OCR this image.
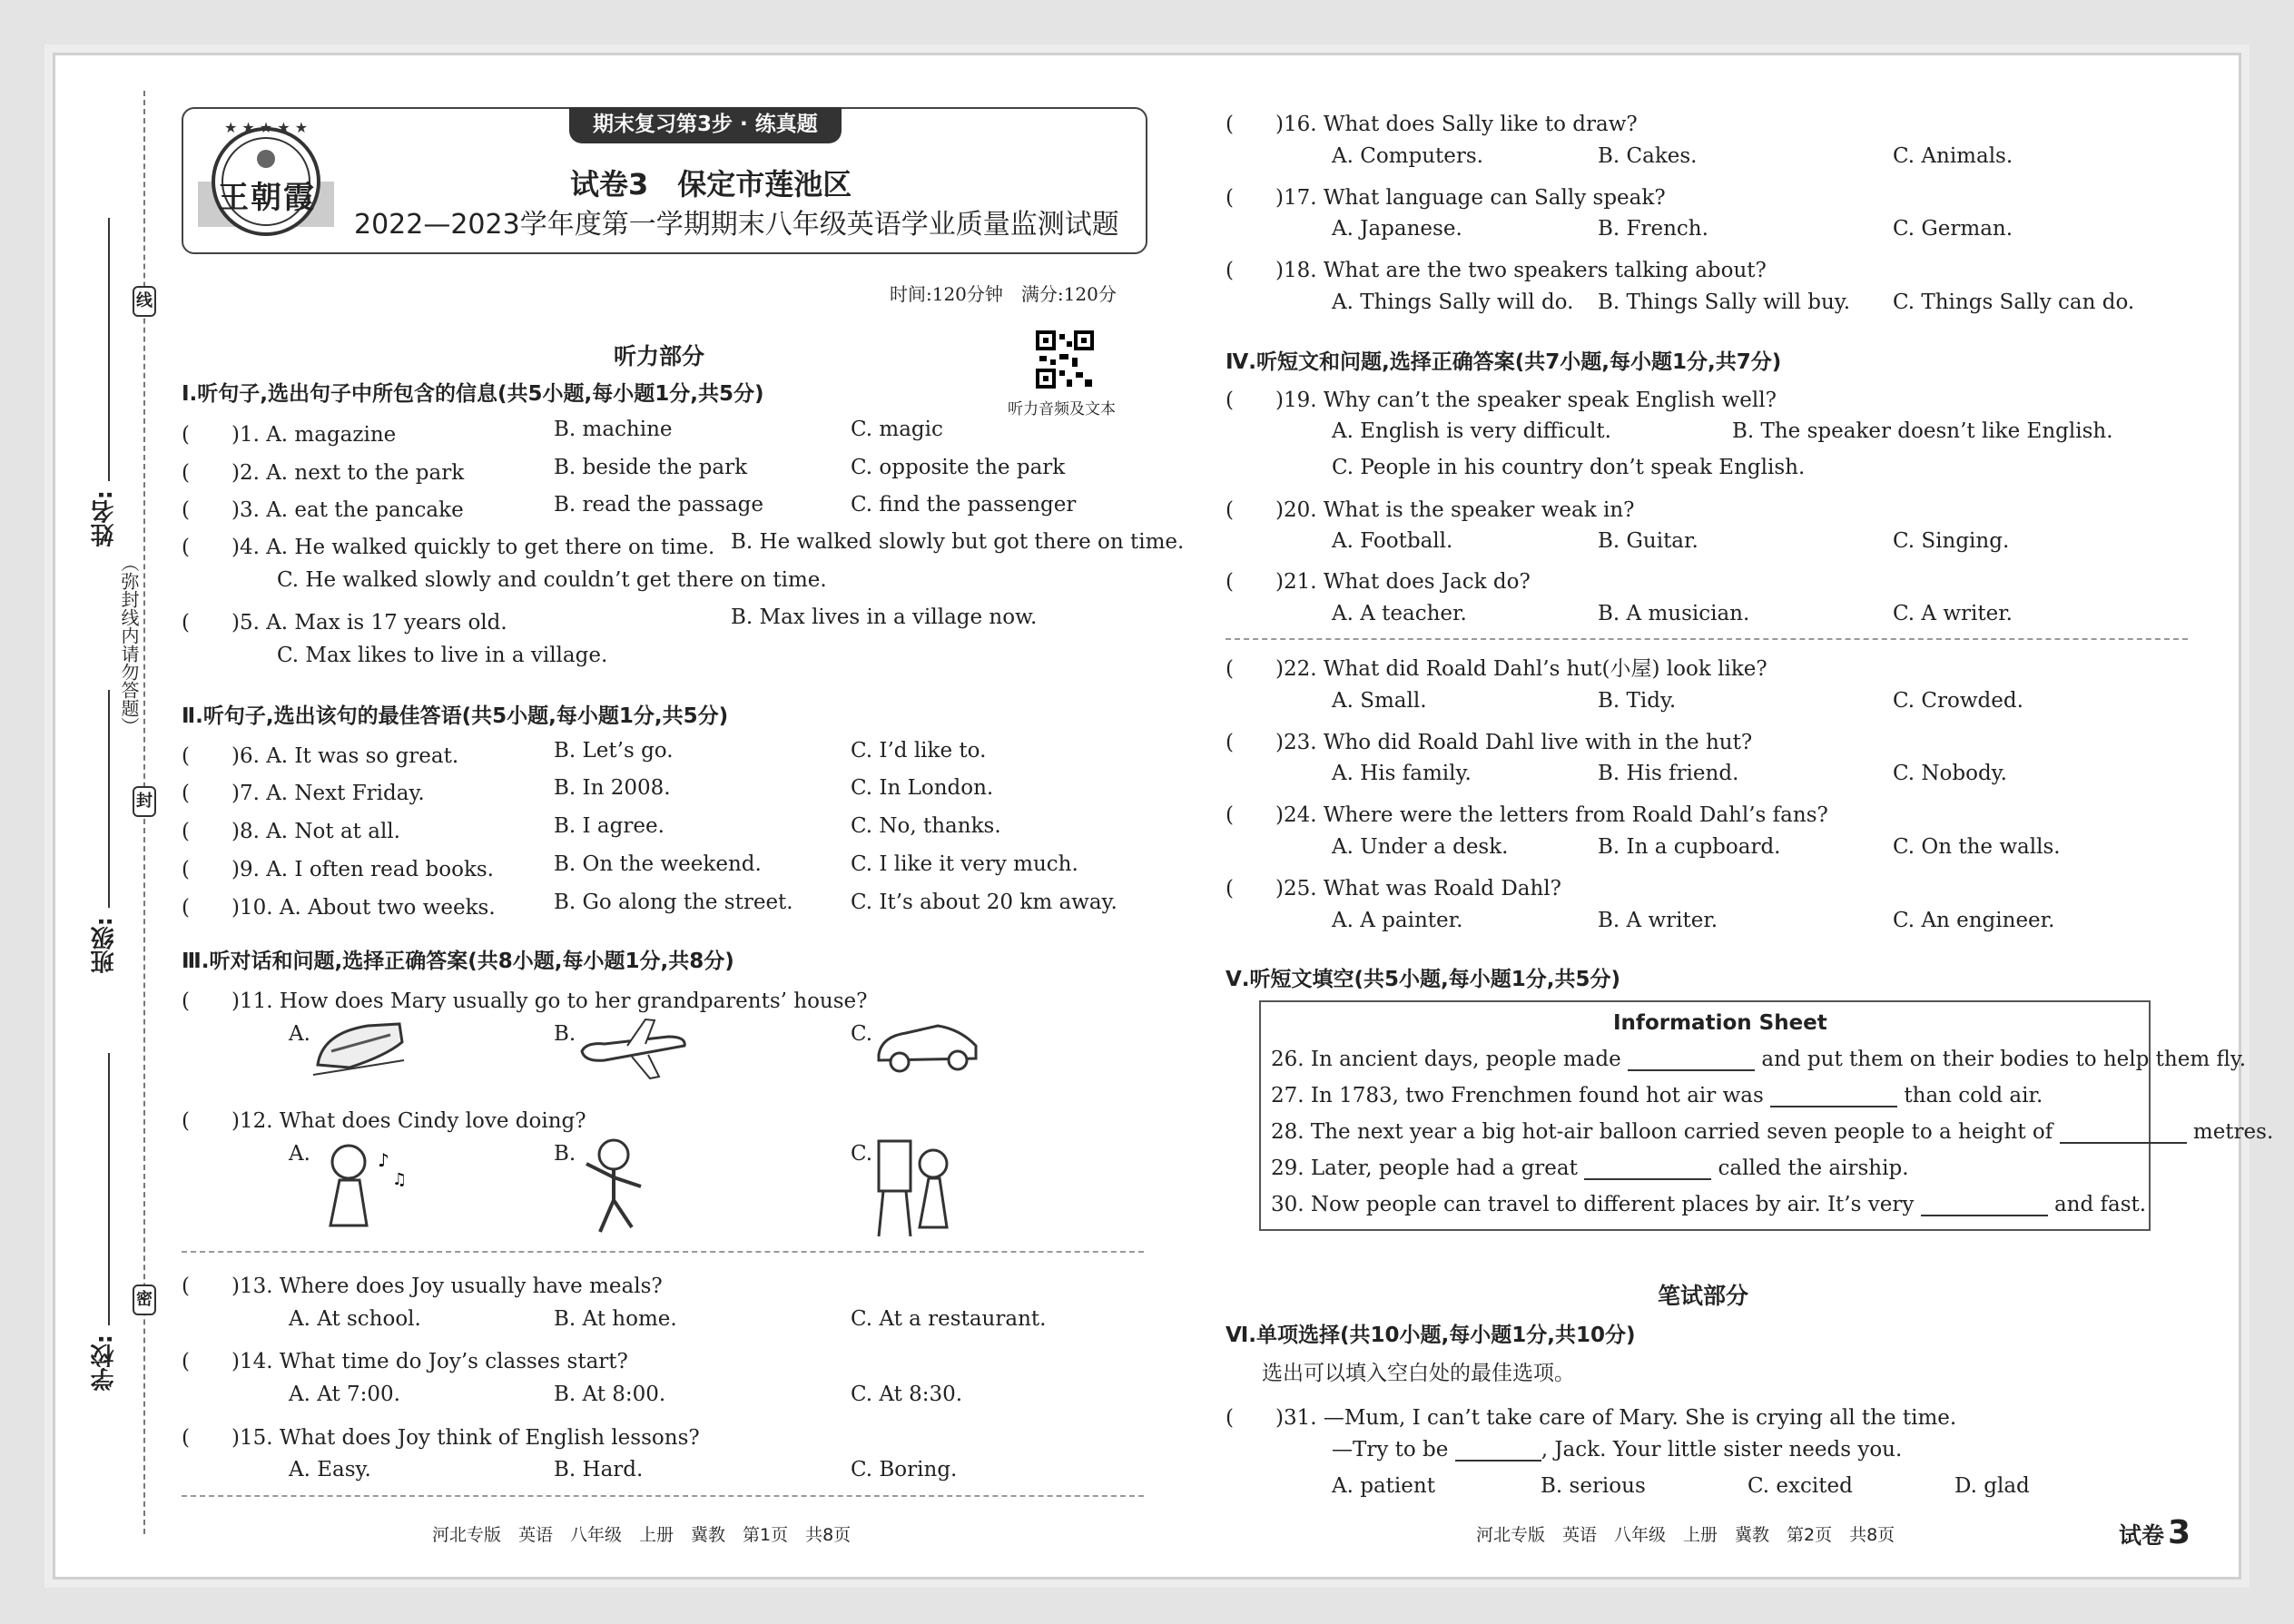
线
封
密
（弥封线内请勿答题）
姓名:
班级:
学校:
★ ★ ★ ★ ★
王朝霞
期末复习第3步 · 练真题
试卷3　保定市莲池区
2022—2023学年度第一学期期末八年级英语学业质量监测试题
时间:120分钟　满分:120分
听力音频及文本
听力部分
Ⅰ.听句子,选出句子中所包含的信息(共5小题,每小题1分,共5分)
(　　)1. A. magazine	B. machine	C. magic
(　　)2. A. next to the park	B. beside the park	C. opposite the park
(　　)3. A. eat the pancake	B. read the passage	C. find the passenger
(　　)4. A. He walked quickly to get there on time. B. He walked slowly but got there on time.
C. He walked slowly and couldn’t get there on time.
(　　)5. A. Max is 17 years old.	B. Max lives in a village now.
C. Max likes to live in a village.
Ⅱ.听句子,选出该句的最佳答语(共5小题,每小题1分,共5分)
(　　)6. A. It was so great.	B. Let’s go.	C. I’d like to.
(　　)7. A. Next Friday.	B. In 2008.	C. In London.
(　　)8. A. Not at all.	B. I agree.	C. No, thanks.
(　　)9. A. I often read books.	B. On the weekend.	C. I like it very much.
(　　)10. A. About two weeks.	B. Go along the street.	C. It’s about 20 km away.
Ⅲ.听对话和问题,选择正确答案(共8小题,每小题1分,共8分)
(　　)11. How does Mary usually go to her grandparents’ house?
A.	B.	C.
(　　)12. What does Cindy love doing?
A.	♪
♫
B.	C.
(　　)13. Where does Joy usually have meals?
A. At school.	B. At home.	C. At a restaurant.
(　　)14. What time do Joy’s classes start?
A. At 7:00.	B. At 8:00.	C. At 8:30.
(　　)15. What does Joy think of English lessons?
A. Easy.	B. Hard.	C. Boring.
河北专版　英语　八年级　上册　冀教　第1页　共8页
(　　)16. What does Sally like to draw?
A. Computers.	B. Cakes.	C. Animals.
(　　)17. What language can Sally speak?
A. Japanese.	B. French.	C. German.
(　　)18. What are the two speakers talking about?
A. Things Sally will do. B. Things Sally will buy. C. Things Sally can do.
Ⅳ.听短文和问题,选择正确答案(共7小题,每小题1分,共7分)
(　　)19. Why can’t the speaker speak English well?
A. English is very difficult.	B. The speaker doesn’t like English.
C. People in his country don’t speak English.
(　　)20. What is the speaker weak in?
A. Football.	B. Guitar.	C. Singing.
(　　)21. What does Jack do?
A. A teacher.	B. A musician.	C. A writer.
(　　)22. What did Roald Dahl’s hut(小屋) look like?
A. Small.	B. Tidy.	C. Crowded.
(　　)23. Who did Roald Dahl live with in the hut?
A. His family.	B. His friend.	C. Nobody.
(　　)24. Where were the letters from Roald Dahl’s fans?
A. Under a desk.	B. In a cupboard.	C. On the walls.
(　　)25. What was Roald Dahl?
A. A painter.	B. A writer.	C. An engineer.
Ⅴ.听短文填空(共5小题,每小题1分,共5分)
Information Sheet
26. In ancient days, people made	and put them on their bodies to help them fly.
27. In 1783, two Frenchmen found hot air was	than cold air.
28. The next year a big hot-air balloon carried seven people to a height of	metres.
29. Later, people had a great	called the airship.
30. Now people can travel to different places by air. It’s very	and fast.
笔试部分
Ⅵ.单项选择(共10小题,每小题1分,共10分)
选出可以填入空白处的最佳选项。
(　　)31. —Mum, I can’t take care of Mary. She is crying all the time.
—Try to be	, Jack. Your little sister needs you.
A. patient	B. serious	C. excited	D. glad
河北专版　英语　八年级　上册　冀教　第2页　共8页	试卷 3
